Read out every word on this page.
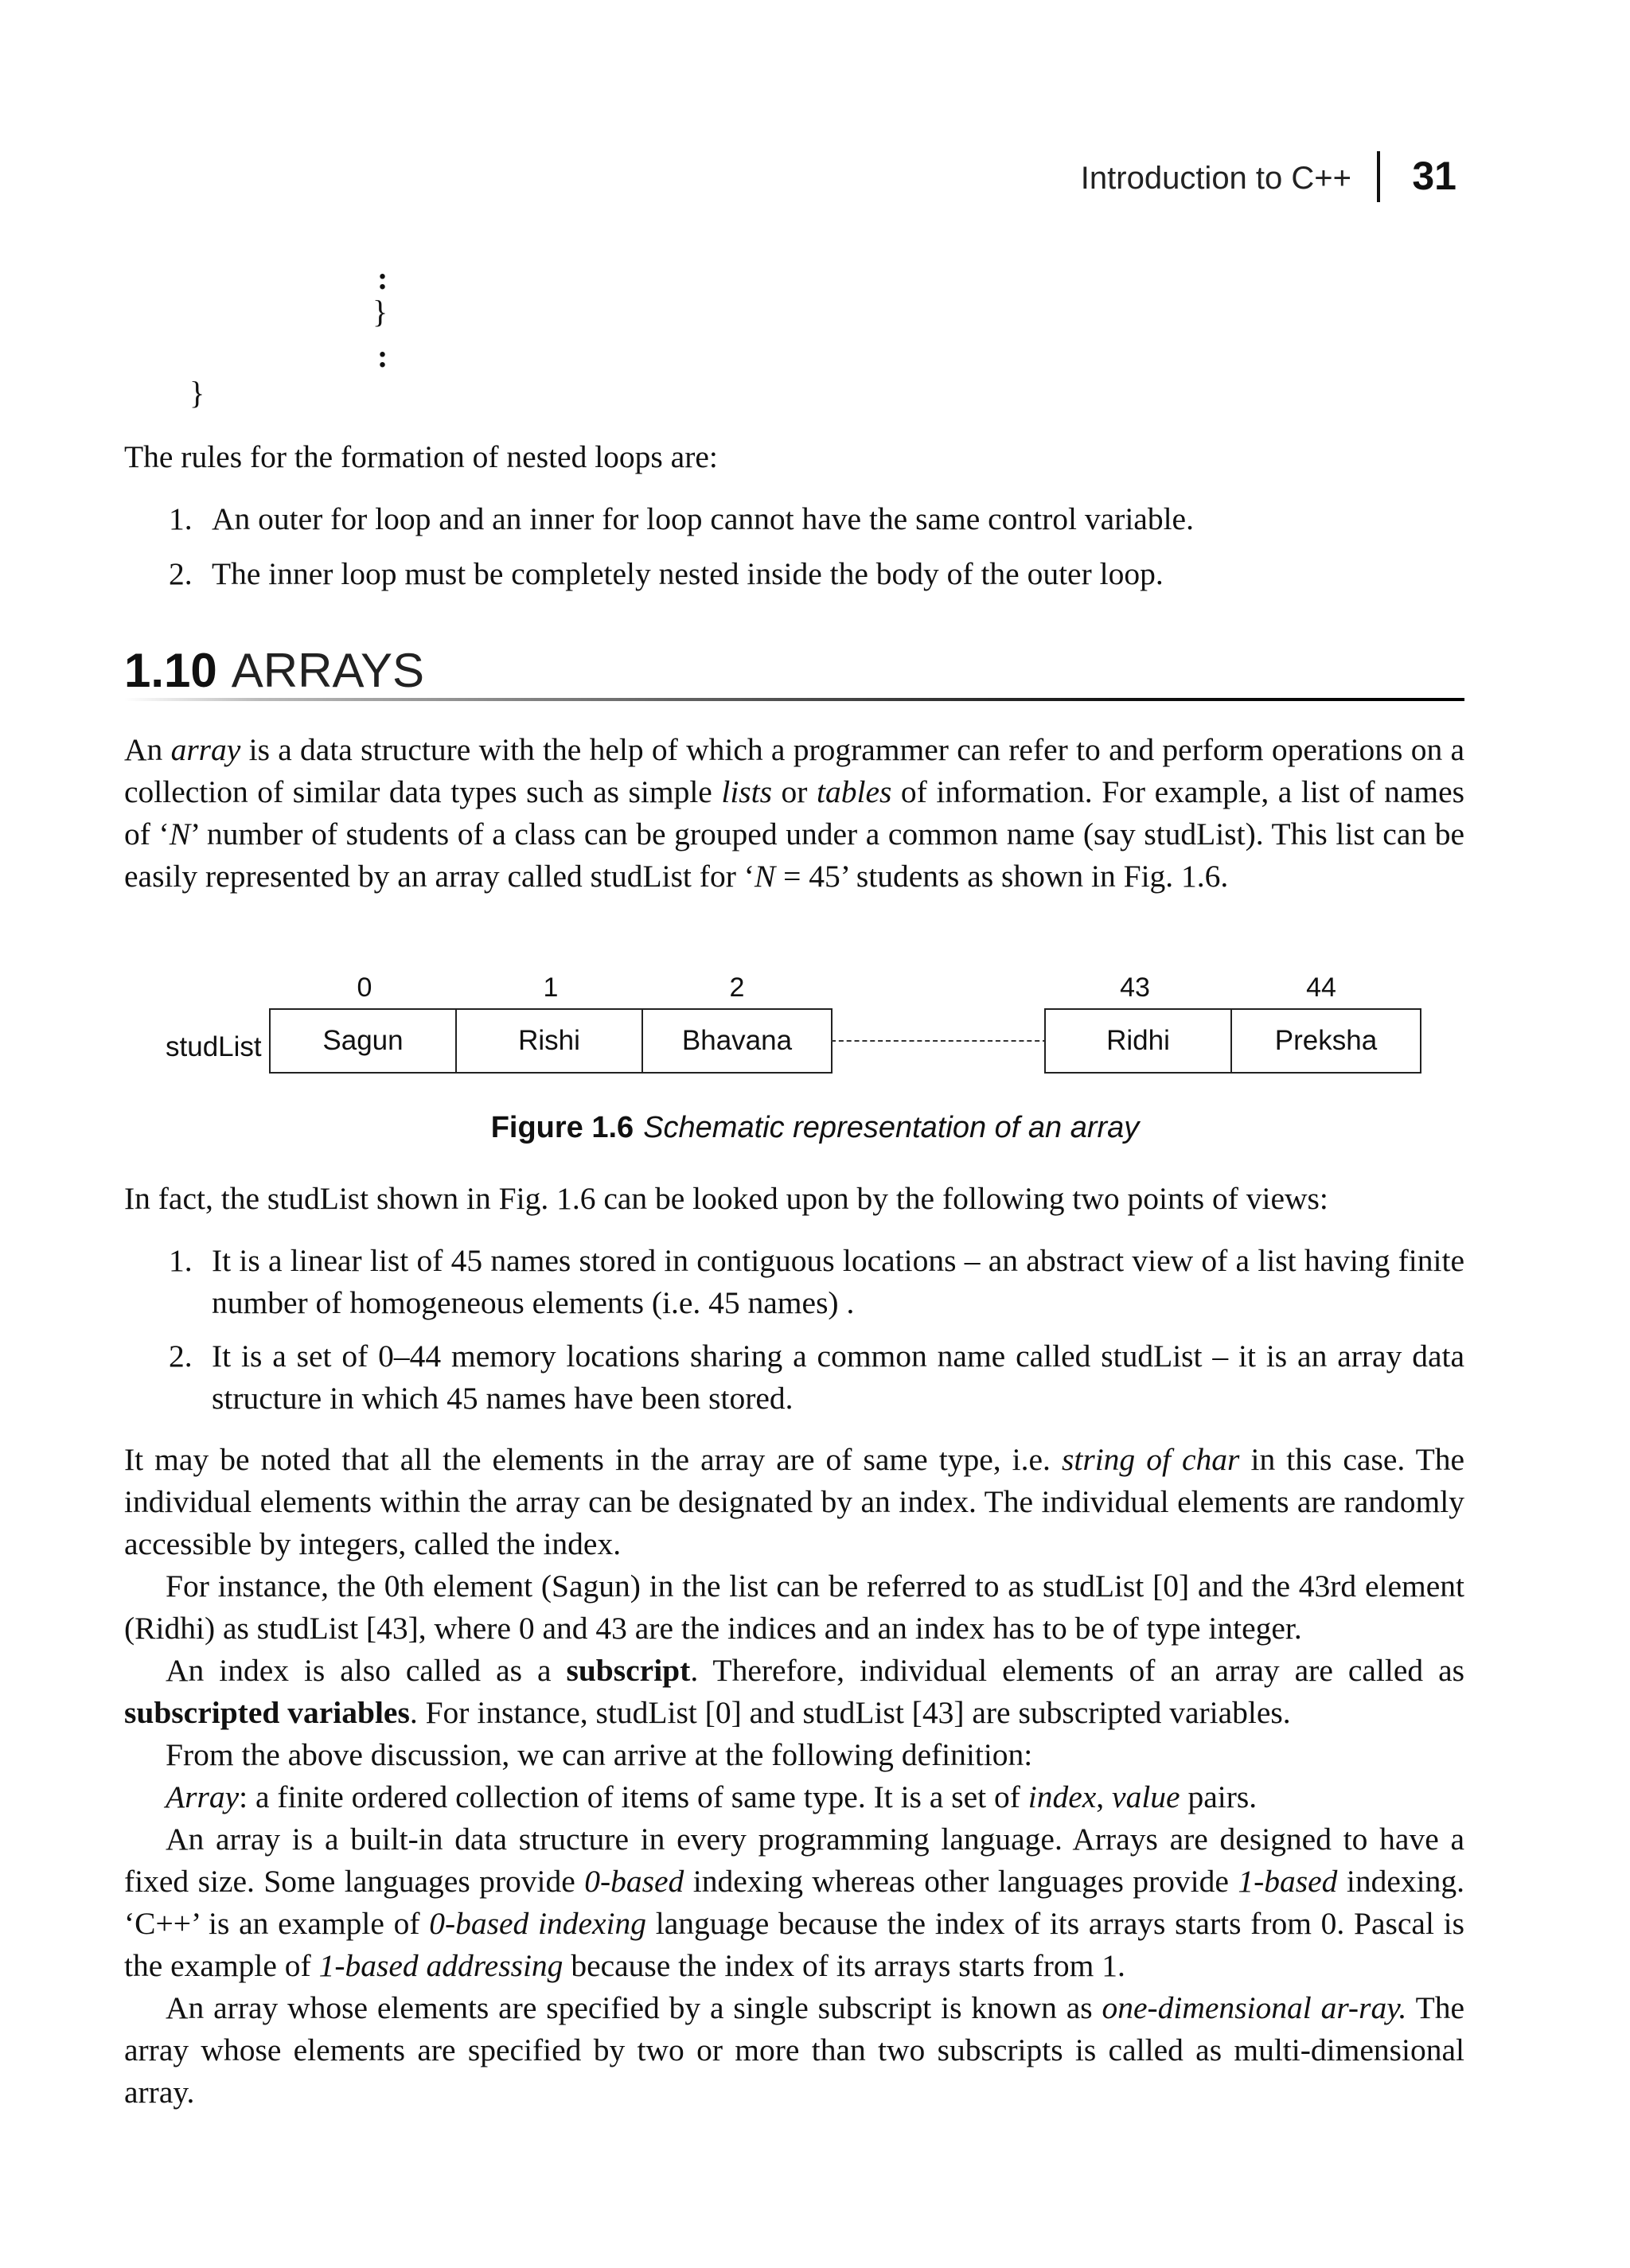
Introduction to C++ 31
:
}
:
}
The rules for the formation of nested loops are:
1. An outer for loop and an inner for loop cannot have the same control variable.
2. The inner loop must be completely nested inside the body of the outer loop.
1.10 ARRAYS
An array is a data structure with the help of which a programmer can refer to and perform operations on a collection of similar data types such as simple lists or tables of information. For example, a list of names of ‘N’ number of students of a class can be grouped under a common name (say studList). This list can be easily represented by an array called studList for ‘N = 45’ students as shown in Fig. 1.6.
0	1	2	43	44
studList	Sagun	Rishi	Bhavana	Ridhi	Preksha
Figure 1.6 Schematic representation of an array
In fact, the studList shown in Fig. 1.6 can be looked upon by the following two points of views:
1. It is a linear list of 45 names stored in contiguous locations – an abstract view of a list having finite number of homogeneous elements (i.e. 45 names) .
2. It is a set of 0–44 memory locations sharing a common name called studList – it is an array data structure in which 45 names have been stored.
It may be noted that all the elements in the array are of same type, i.e. string of char in this case. The individual elements within the array can be designated by an index. The individual elements are randomly accessible by integers, called the index.
For instance, the 0th element (Sagun) in the list can be referred to as studList [0] and the 43rd element (Ridhi) as studList [43], where 0 and 43 are the indices and an index has to be of type integer.
An index is also called as a subscript. Therefore, individual elements of an array are called as subscripted variables. For instance, studList [0] and studList [43] are subscripted variables.
From the above discussion, we can arrive at the following definition:
Array: a finite ordered collection of items of same type. It is a set of index, value pairs.
An array is a built-in data structure in every programming language. Arrays are designed to have a fixed size. Some languages provide 0-based indexing whereas other languages provide 1-based indexing. ‘C++’ is an example of 0-based indexing language because the index of its arrays starts from 0. Pascal is the example of 1-based addressing because the index of its arrays starts from 1.
An array whose elements are specified by a single subscript is known as one-dimensional ar-ray. The array whose elements are specified by two or more than two subscripts is called as multi-dimensional array.
